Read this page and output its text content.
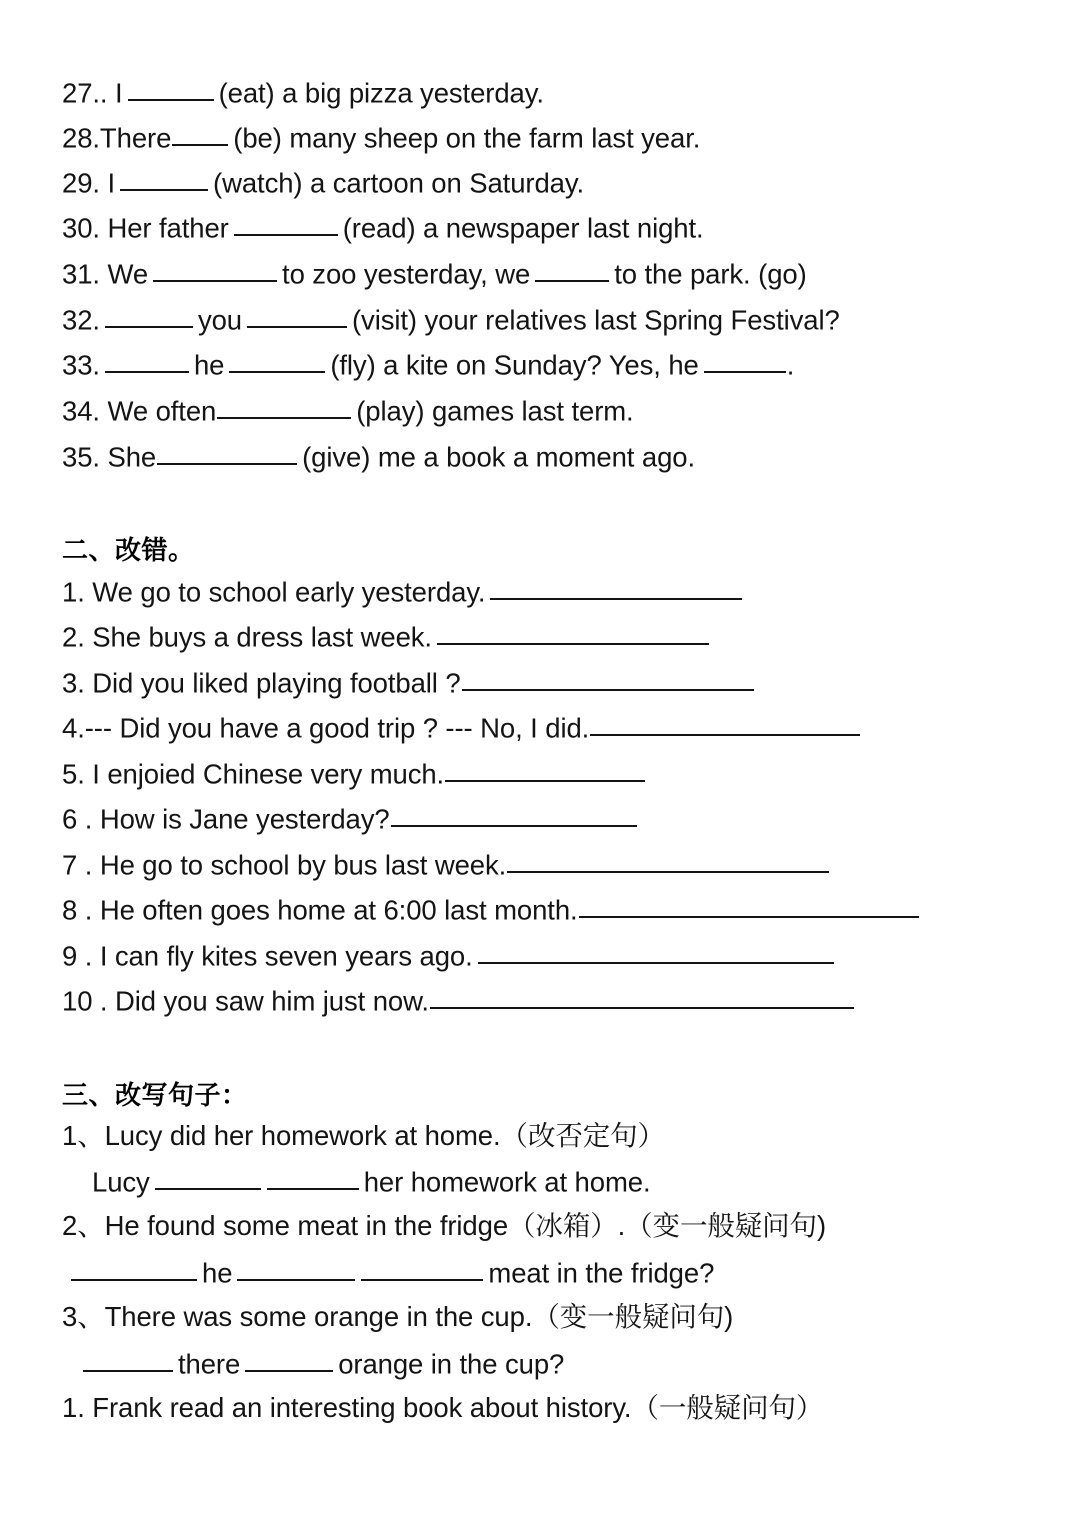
27.. I	(eat) a big pizza yesterday.
28.There (be) many sheep on the farm last year.
29. I	(watch) a cartoon on Saturday.
30. Her father	(read) a newspaper last night.
31. We	to zoo yesterday, we	to the park. (go)
32.	you	(visit) your relatives last Spring Festival?
33.	he	(fly) a kite on Sunday? Yes, he	.
34. We often	(play) games last term.
35. She	(give) me a book a moment ago.
二、改错。
1. We go to school early yesterday.
2. She buys a dress last week.
3. Did you liked playing football ?
4.--- Did you have a good trip ? --- No, I did.
5. I enjoied Chinese very much.
6 . How is Jane yesterday?
7 . He go to school by bus last week.
8 . He often goes home at 6:00 last month.
9 . I can fly kites seven years ago.
10 . Did you saw him just now.
三、改写句子：
1、Lucy did her homework at home.（改否定句）
Lucy	her homework at home.
2、He found some meat in the fridge（冰箱）.（变一般疑问句)
he	meat in the fridge?
3、There was some orange in the cup.（变一般疑问句)
there	orange in the cup?
1. Frank read an interesting book about history.（一般疑问句）
